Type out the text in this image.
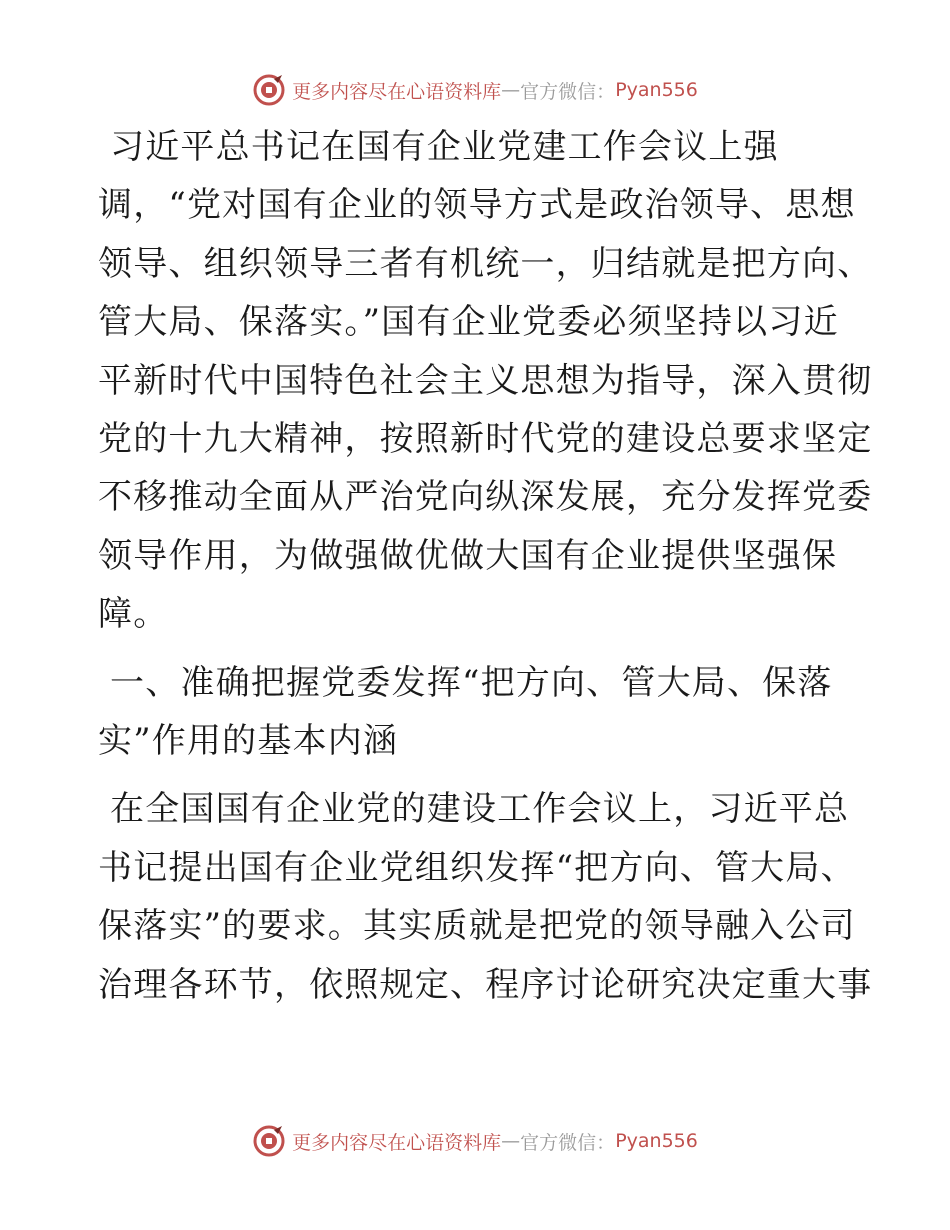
更多内容尽在心语资料库 — 官方微信： Pyan556
习近平总书记在国有企业党建工作会议上强
调，“党对国有企业的领导方式是政治领导、思想
领导、组织领导三者有机统一，归结就是把方向、
管大局、保落实。”国有企业党委必须坚持以习近
平新时代中国特色社会主义思想为指导，深入贯彻
党的十九大精神，按照新时代党的建设总要求坚定
不移推动全面从严治党向纵深发展，充分发挥党委
领导作用，为做强做优做大国有企业提供坚强保
障。
一、准确把握党委发挥“把方向、管大局、保落
实”作用的基本内涵
在全国国有企业党的建设工作会议上，习近平总
书记提出国有企业党组织发挥“把方向、管大局、
保落实”的要求。其实质就是把党的领导融入公司
治理各环节，依照规定、程序讨论研究决定重大事
更多内容尽在心语资料库 — 官方微信： Pyan556
